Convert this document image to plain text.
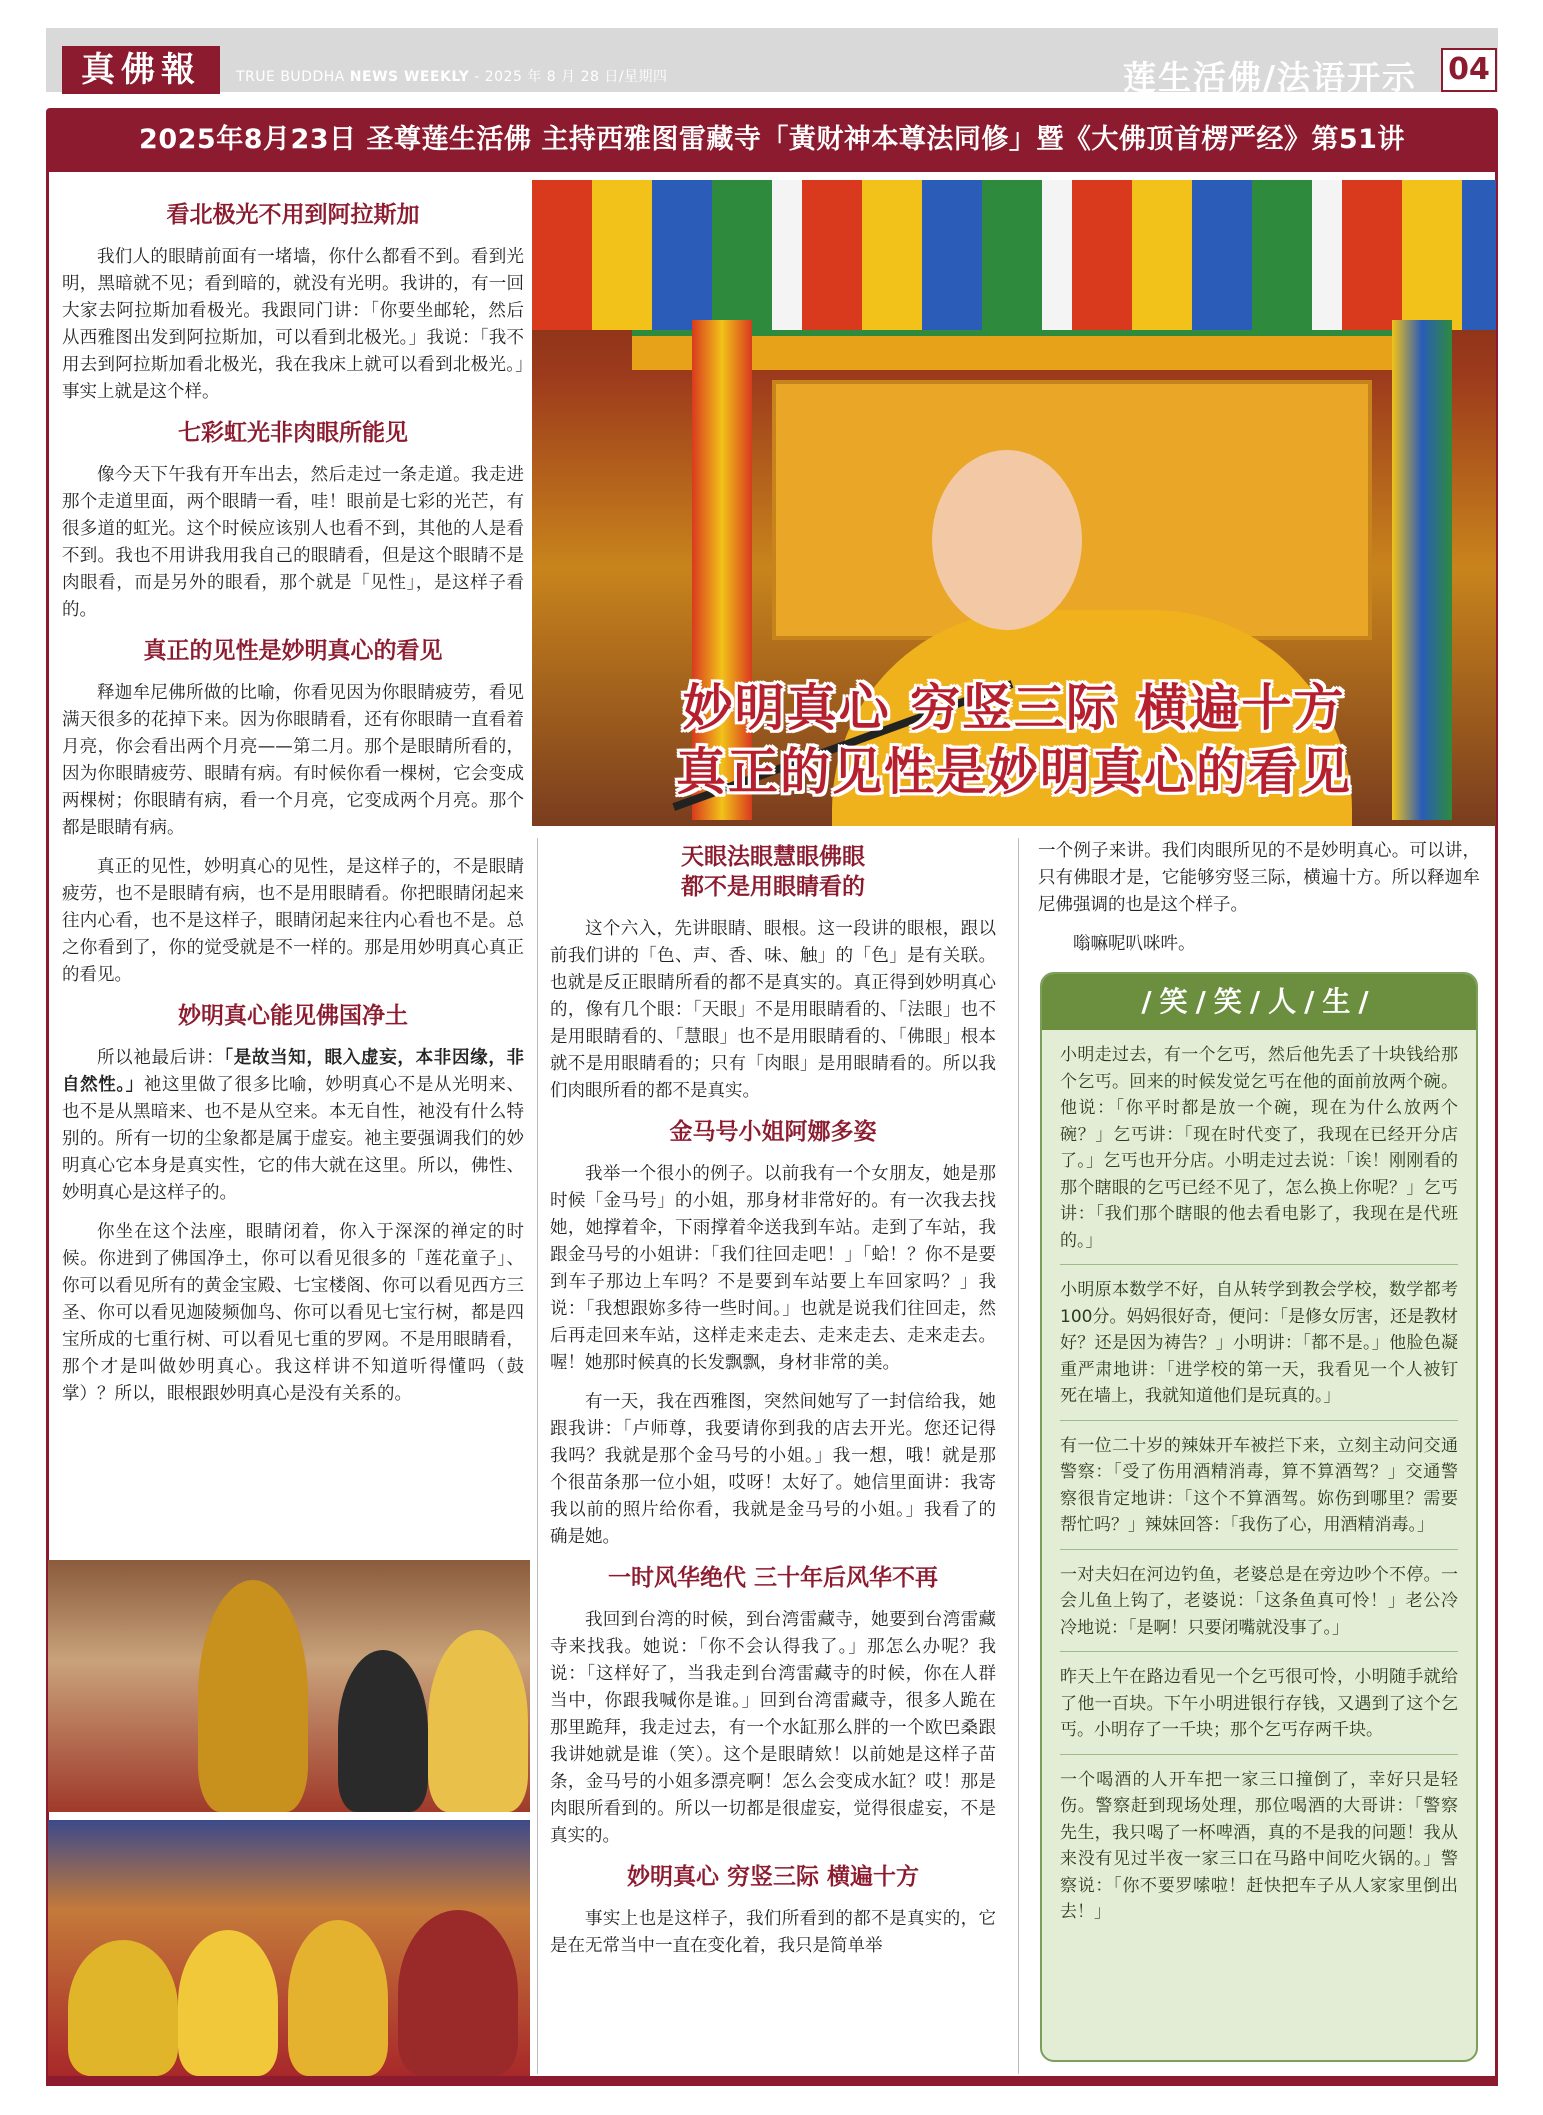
真佛報	TRUE BUDDHA NEWS WEEKLY - 2025 年 8 月 28 日/星期四	莲生活佛/法语开示 04
2025年8月23日 圣尊莲生活佛 主持西雅图雷藏寺「黃财神本尊法同修」暨《大佛顶首楞严经》第51讲
妙明真心 穷竖三际 横遍十方
真正的见性是妙明真心的看见
看北极光不用到阿拉斯加

我们人的眼睛前面有一堵墙，你什么都看不到。看到光明，黑暗就不见；看到暗的，就没有光明。我讲的，有一回大家去阿拉斯加看极光。我跟同门讲：「你要坐邮轮，然后从西雅图出发到阿拉斯加，可以看到北极光。」我说：「我不用去到阿拉斯加看北极光，我在我床上就可以看到北极光。」事实上就是这个样。

七彩虹光非肉眼所能见

像今天下午我有开车出去，然后走过一条走道。我走进那个走道里面，两个眼睛一看，哇！眼前是七彩的光芒，有很多道的虹光。这个时候应该别人也看不到，其他的人是看不到。我也不用讲我用我自己的眼睛看，但是这个眼睛不是肉眼看，而是另外的眼看，那个就是「见性」，是这样子看的。

真正的见性是妙明真心的看见

释迦牟尼佛所做的比喻，你看见因为你眼睛疲劳，看见满天很多的花掉下来。因为你眼睛看，还有你眼睛一直看着月亮，你会看出两个月亮——第二月。那个是眼睛所看的，因为你眼睛疲劳、眼睛有病。有时候你看一棵树，它会变成两棵树；你眼睛有病，看一个月亮，它变成两个月亮。那个都是眼睛有病。

真正的见性，妙明真心的见性，是这样子的，不是眼睛疲劳，也不是眼睛有病，也不是用眼睛看。你把眼睛闭起来往内心看，也不是这样子，眼睛闭起来往内心看也不是。总之你看到了，你的觉受就是不一样的。那是用妙明真心真正的看见。

妙明真心能见佛国净土

所以祂最后讲：「是故当知，眼入虚妄，本非因缘，非自然性。」祂这里做了很多比喻，妙明真心不是从光明来、也不是从黑暗来、也不是从空来。本无自性，祂没有什么特别的。所有一切的尘象都是属于虚妄。祂主要强调我们的妙明真心它本身是真实性，它的伟大就在这里。所以，佛性、妙明真心是这样子的。

你坐在这个法座，眼睛闭着，你入于深深的禅定的时候。你进到了佛国净土，你可以看见很多的「莲花童子」、你可以看见所有的黄金宝殿、七宝楼阁、你可以看见西方三圣、你可以看见迦陵频伽鸟、你可以看见七宝行树，都是四宝所成的七重行树、可以看见七重的罗网。不是用眼睛看，那个才是叫做妙明真心。我这样讲不知道听得懂吗（鼓掌）？所以，眼根跟妙明真心是没有关系的。

天眼法眼慧眼佛眼
都不是用眼睛看的

这个六入，先讲眼睛、眼根。这一段讲的眼根，跟以前我们讲的「色、声、香、味、触」的「色」是有关联。也就是反正眼睛所看的都不是真实的。真正得到妙明真心的，像有几个眼：「天眼」不是用眼睛看的、「法眼」也不是用眼睛看的、「慧眼」也不是用眼睛看的、「佛眼」根本就不是用眼睛看的；只有「肉眼」是用眼睛看的。所以我们肉眼所看的都不是真实。

金马号小姐阿娜多姿

我举一个很小的例子。以前我有一个女朋友，她是那时候「金马号」的小姐，那身材非常好的。有一次我去找她，她撑着伞，下雨撑着伞送我到车站。走到了车站，我跟金马号的小姐讲：「我们往回走吧！」「蛤！？你不是要到车子那边上车吗？不是要到车站要上车回家吗？」我说：「我想跟妳多待一些时间。」也就是说我们往回走，然后再走回来车站，这样走来走去、走来走去、走来走去。喔！她那时候真的长发飘飘，身材非常的美。

有一天，我在西雅图，突然间她写了一封信给我，她跟我讲：「卢师尊，我要请你到我的店去开光。您还记得我吗？我就是那个金马号的小姐。」我一想，哦！就是那个很苗条那一位小姐，哎呀！太好了。她信里面讲：我寄我以前的照片给你看，我就是金马号的小姐。」我看了的确是她。

一时风华绝代 三十年后风华不再

我回到台湾的时候，到台湾雷藏寺，她要到台湾雷藏寺来找我。她说：「你不会认得我了。」那怎么办呢？我说：「这样好了，当我走到台湾雷藏寺的时候，你在人群当中，你跟我喊你是谁。」回到台湾雷藏寺，很多人跪在那里跪拜，我走过去，有一个水缸那么胖的一个欧巴桑跟我讲她就是谁（笑）。这个是眼睛欸！以前她是这样子苗条，金马号的小姐多漂亮啊！怎么会变成水缸？哎！那是肉眼所看到的。所以一切都是很虚妄，觉得很虚妄，不是真实的。

妙明真心 穷竖三际 横遍十方

事实上也是这样子，我们所看到的都不是真实的，它是在无常当中一直在变化着，我只是简单举

一个例子来讲。我们肉眼所见的不是妙明真心。可以讲，只有佛眼才是，它能够穷竖三际，横遍十方。所以释迦牟尼佛强调的也是这个样子。

嗡嘛呢叭咪吽。

/笑/笑/人/生/
小明走过去，有一个乞丐，然后他先丢了十块钱给那个乞丐。回来的时候发觉乞丐在他的面前放两个碗。他说：「你平时都是放一个碗，现在为什么放两个碗？」乞丐讲：「现在时代变了，我现在已经开分店了。」乞丐也开分店。小明走过去说：「诶！刚刚看的那个瞎眼的乞丐已经不见了，怎么换上你呢？」乞丐讲：「我们那个瞎眼的他去看电影了，我现在是代班的。」
小明原本数学不好，自从转学到教会学校，数学都考100分。妈妈很好奇，便问：「是修女厉害，还是教材好？还是因为祷告？」小明讲：「都不是。」他脸色凝重严肃地讲：「进学校的第一天，我看见一个人被钉死在墙上，我就知道他们是玩真的。」
有一位二十岁的辣妹开车被拦下来，立刻主动问交通警察：「受了伤用酒精消毒，算不算酒驾？」交通警察很肯定地讲：「这个不算酒驾。妳伤到哪里？需要帮忙吗？」辣妹回答：「我伤了心，用酒精消毒。」
一对夫妇在河边钓鱼，老婆总是在旁边吵个不停。一会儿鱼上钩了，老婆说：「这条鱼真可怜！」老公冷冷地说：「是啊！只要闭嘴就没事了。」
昨天上午在路边看见一个乞丐很可怜，小明随手就给了他一百块。下午小明进银行存钱，又遇到了这个乞丐。小明存了一千块；那个乞丐存两千块。
一个喝酒的人开车把一家三口撞倒了，幸好只是轻伤。警察赶到现场处理，那位喝酒的大哥讲：「警察先生，我只喝了一杯啤酒，真的不是我的问题！我从来没有见过半夜一家三口在马路中间吃火锅的。」警察说：「你不要罗嗦啦！赶快把车子从人家家里倒出去！」
